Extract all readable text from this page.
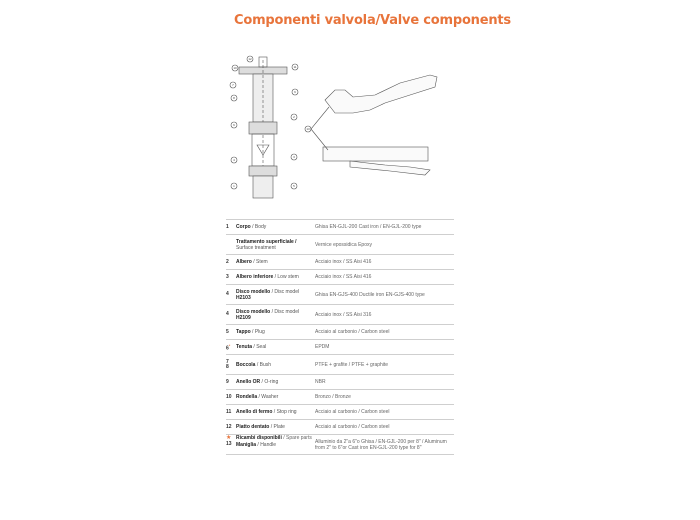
Componenti valvola/Valve components
12
10	11
7
8
9
6
2
4
3
1	5
13
1	Corpo / Body	Ghisa EN-GJL-200 Cast iron / EN-GJL-200 type
Trattamento superficiale /
Surface treatment	Vernice epossidica Epoxy
2	Albero / Stem	Acciaio inox / SS Aisi 416
3	Albero inferiore / Low stem	Acciaio inox / SS Aisi 416
4	Disco modello / Disc model
H2103	Ghisa EN-GJS-400 Ductile iron EN-GJS-400 type
4	Disco modello / Disc model
H2109	Acciaio inox / SS Aisi 316
5	Tappo / Plug	Acciaio al carbonio / Carbon steel
6*	Tenuta / Seal	EPDM
7 8	Boccola / Bush	PTFE + grafite / PTFE + graphite
9	Anello OR / O-ring	NBR
10 Rondella / Washer	Bronzo / Bronze
11 Anello di fermo / Stop ring	Acciaio al carbonio / Carbon steel
12 Piatto dentato / Plate	Acciaio al carbonio / Carbon steel
13 Maniglia / Handle	Alluminio da 2"a 6"o Ghisa / EN-GJL-200 per 8" / Aluminum from 2" to 6"or Cast iron EN-GJL-200 type for 8"
★ Ricambi disponibili / Spare parts
